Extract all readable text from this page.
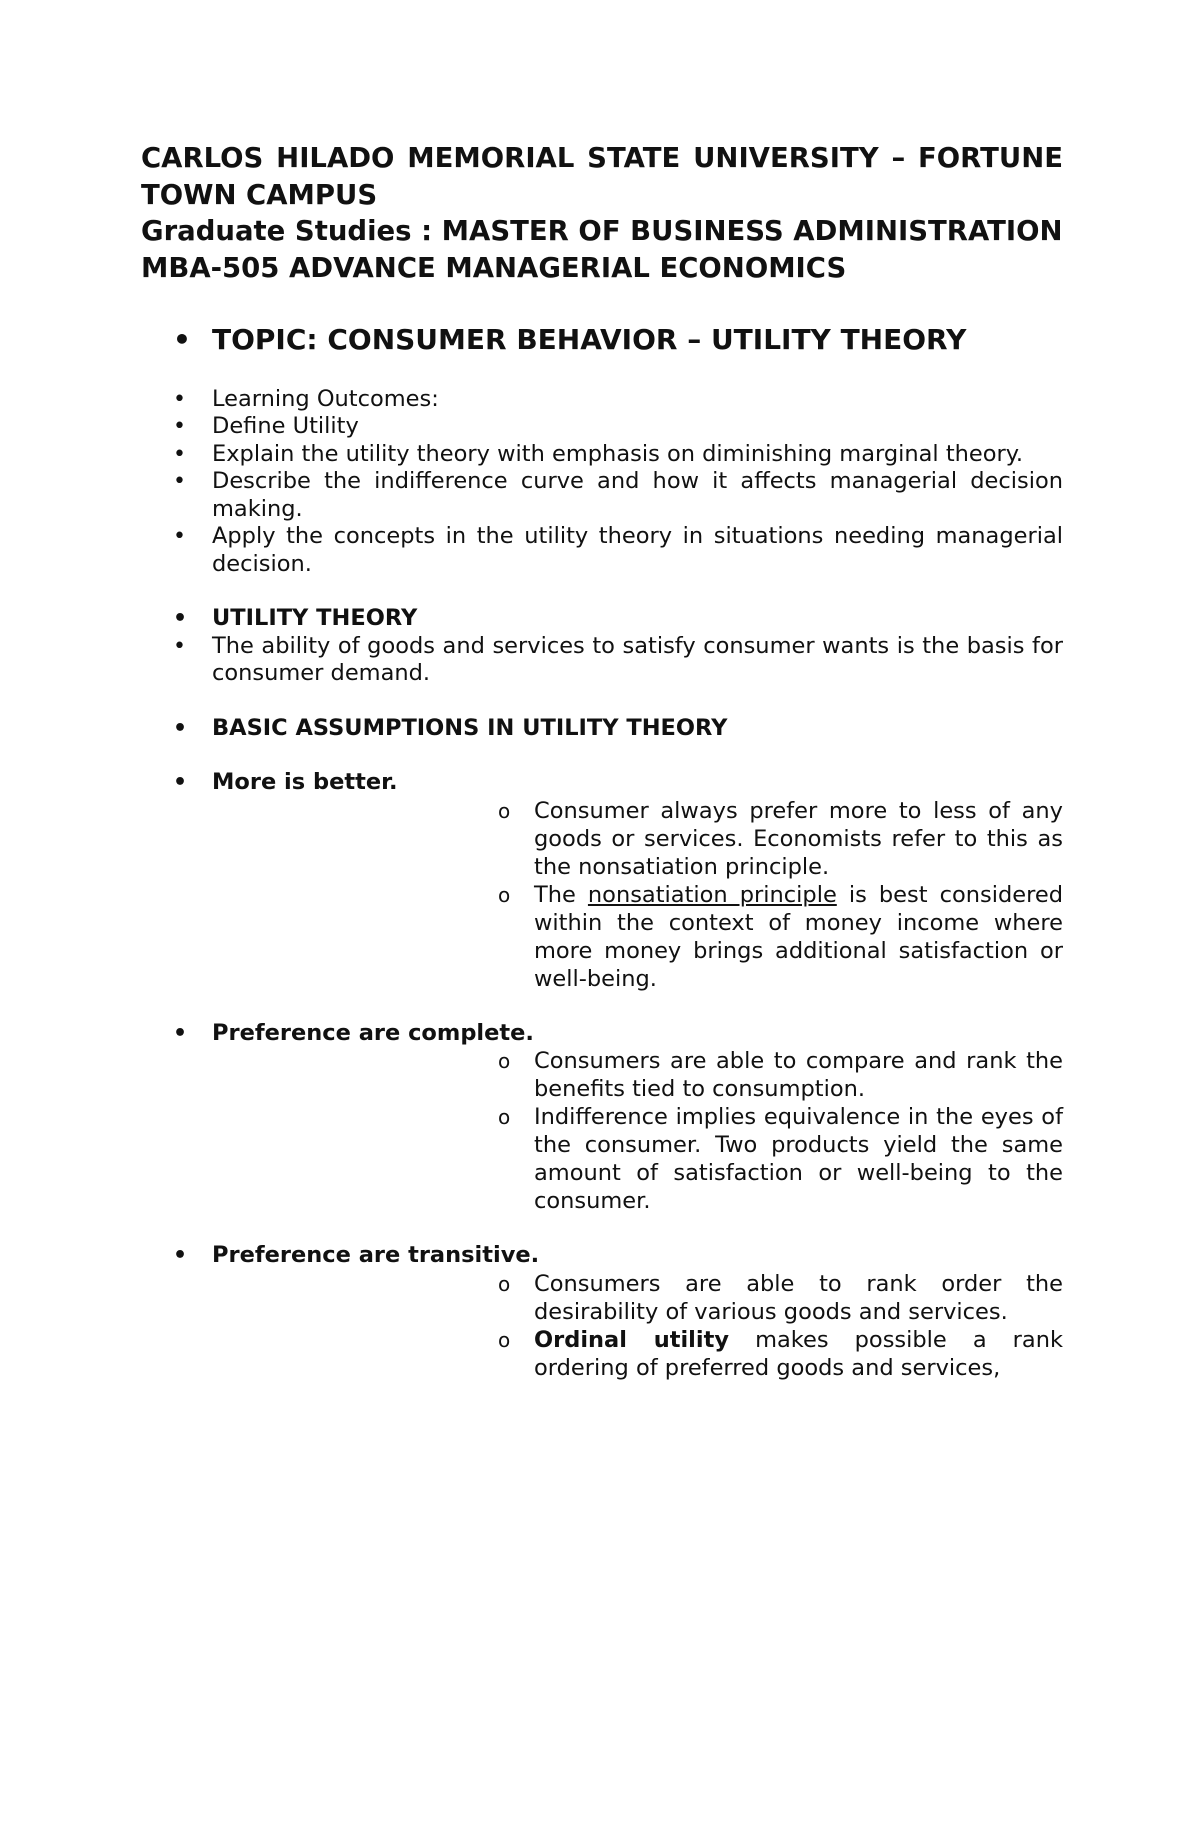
CARLOS HILADO MEMORIAL STATE UNIVERSITY – FORTUNE TOWN CAMPUS
Graduate Studies : MASTER OF BUSINESS ADMINISTRATION
MBA-505 ADVANCE MANAGERIAL ECONOMICS
• TOPIC: CONSUMER BEHAVIOR – UTILITY THEORY
• Learning Outcomes:
• Define Utility
• Explain the utility theory with emphasis on diminishing marginal theory.
• Describe the indifference curve and how it affects managerial decision making.
• Apply the concepts in the utility theory in situations needing managerial decision.
• UTILITY THEORY
• The ability of goods and services to satisfy consumer wants is the basis for consumer demand.
• BASIC ASSUMPTIONS IN UTILITY THEORY
• More is better.
o Consumer always prefer more to less of any goods or services. Economists refer to this as the nonsatiation principle.
o The nonsatiation principle is best considered within the context of money income where more money brings additional satisfaction or well-being.
• Preference are complete.
o Consumers are able to compare and rank the benefits tied to consumption.
o Indifference implies equivalence in the eyes of the consumer. Two products yield the same amount of satisfaction or well-being to the consumer.
• Preference are transitive.
o Consumers are able to rank order the desirability of various goods and services.
o Ordinal utility makes possible a rank ordering of preferred goods and services,
